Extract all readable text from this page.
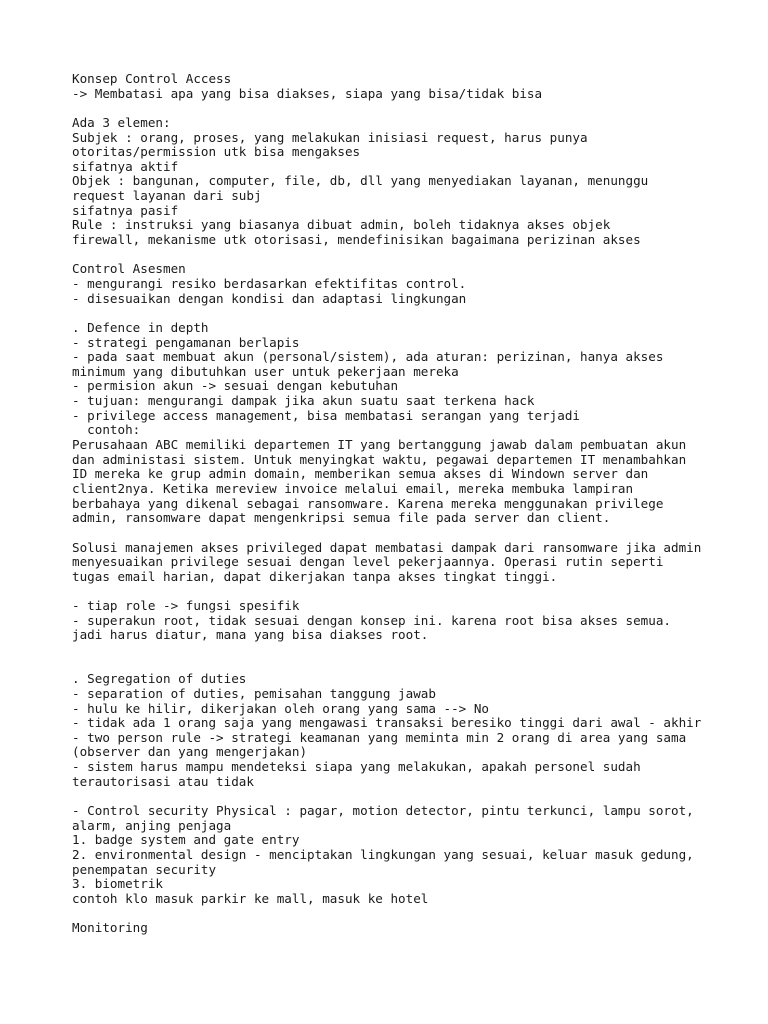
Konsep Control Access
-> Membatasi apa yang bisa diakses, siapa yang bisa/tidak bisa
Ada 3 elemen:
Subjek : orang, proses, yang melakukan inisiasi request, harus punya
otoritas/permission utk bisa mengakses
sifatnya aktif
Objek : bangunan, computer, file, db, dll yang menyediakan layanan, menunggu
request layanan dari subj
sifatnya pasif
Rule : instruksi yang biasanya dibuat admin, boleh tidaknya akses objek
firewall, mekanisme utk otorisasi, mendefinisikan bagaimana perizinan akses
Control Asesmen
- mengurangi resiko berdasarkan efektifitas control.
- disesuaikan dengan kondisi dan adaptasi lingkungan
. Defence in depth
- strategi pengamanan berlapis
- pada saat membuat akun (personal/sistem), ada aturan: perizinan, hanya akses
minimum yang dibutuhkan user untuk pekerjaan mereka
- permision akun -> sesuai dengan kebutuhan
- tujuan: mengurangi dampak jika akun suatu saat terkena hack
- privilege access management, bisa membatasi serangan yang terjadi
contoh:
Perusahaan ABC memiliki departemen IT yang bertanggung jawab dalam pembuatan akun
dan administasi sistem. Untuk menyingkat waktu, pegawai departemen IT menambahkan
ID mereka ke grup admin domain, memberikan semua akses di Windown server dan
client2nya. Ketika mereview invoice melalui email, mereka membuka lampiran
berbahaya yang dikenal sebagai ransomware. Karena mereka menggunakan privilege
admin, ransomware dapat mengenkripsi semua file pada server dan client.
Solusi manajemen akses privileged dapat membatasi dampak dari ransomware jika admin
menyesuaikan privilege sesuai dengan level pekerjaannya. Operasi rutin seperti
tugas email harian, dapat dikerjakan tanpa akses tingkat tinggi.
- tiap role -> fungsi spesifik
- superakun root, tidak sesuai dengan konsep ini. karena root bisa akses semua.
jadi harus diatur, mana yang bisa diakses root.
. Segregation of duties
- separation of duties, pemisahan tanggung jawab
- hulu ke hilir, dikerjakan oleh orang yang sama --> No
- tidak ada 1 orang saja yang mengawasi transaksi beresiko tinggi dari awal - akhir
- two person rule -> strategi keamanan yang meminta min 2 orang di area yang sama
(observer dan yang mengerjakan)
- sistem harus mampu mendeteksi siapa yang melakukan, apakah personel sudah
terautorisasi atau tidak
- Control security Physical : pagar, motion detector, pintu terkunci, lampu sorot,
alarm, anjing penjaga
1. badge system and gate entry
2. environmental design - menciptakan lingkungan yang sesuai, keluar masuk gedung,
penempatan security
3. biometrik
contoh klo masuk parkir ke mall, masuk ke hotel
Monitoring
